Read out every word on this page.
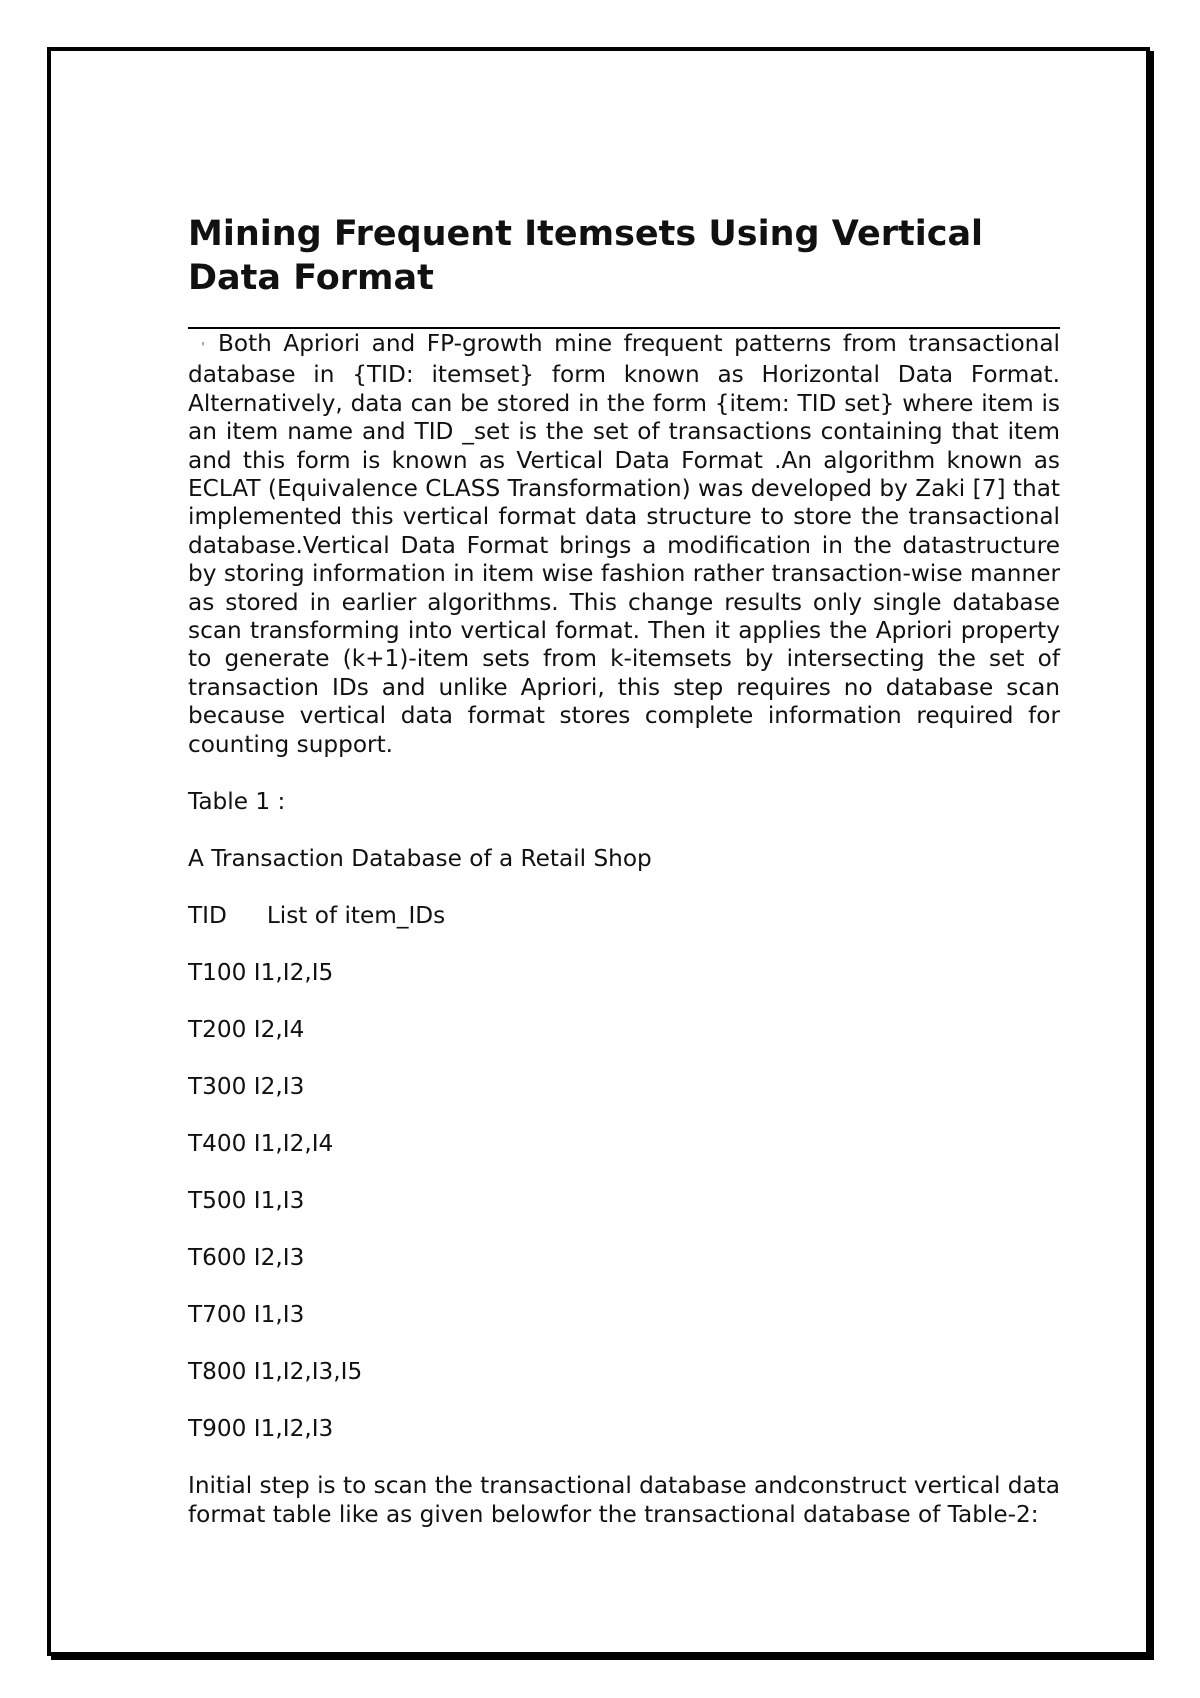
Mining Frequent Itemsets Using Vertical Data Format

' Both Apriori and FP-growth mine frequent patterns from transactional database in {TID: itemset} form known as Horizontal Data Format. Alternatively, data can be stored in the form {item: TID set} where item is an item name and TID _set is the set of transactions containing that item and this form is known as Vertical Data Format .An algorithm known as ECLAT (Equivalence CLASS Transformation) was developed by Zaki [7] that implemented this vertical format data structure to store the transactional database.Vertical Data Format brings a modification in the datastructure by storing information in item wise fashion rather transaction-wise manner as stored in earlier algorithms. This change results only single database scan transforming into vertical format. Then it applies the Apriori property to generate (k+1)-item sets from k-itemsets by intersecting the set of transaction IDs and unlike Apriori, this step requires no database scan because vertical data format stores complete information required for counting support.

Table 1 :

A Transaction Database of a Retail Shop

TID List of item_IDs

T100 I1,I2,I5

T200 I2,I4

T300 I2,I3

T400 I1,I2,I4

T500 I1,I3

T600 I2,I3

T700 I1,I3

T800 I1,I2,I3,I5

T900 I1,I2,I3

Initial step is to scan the transactional database andconstruct vertical data format table like as given belowfor the transactional database of Table-2:
